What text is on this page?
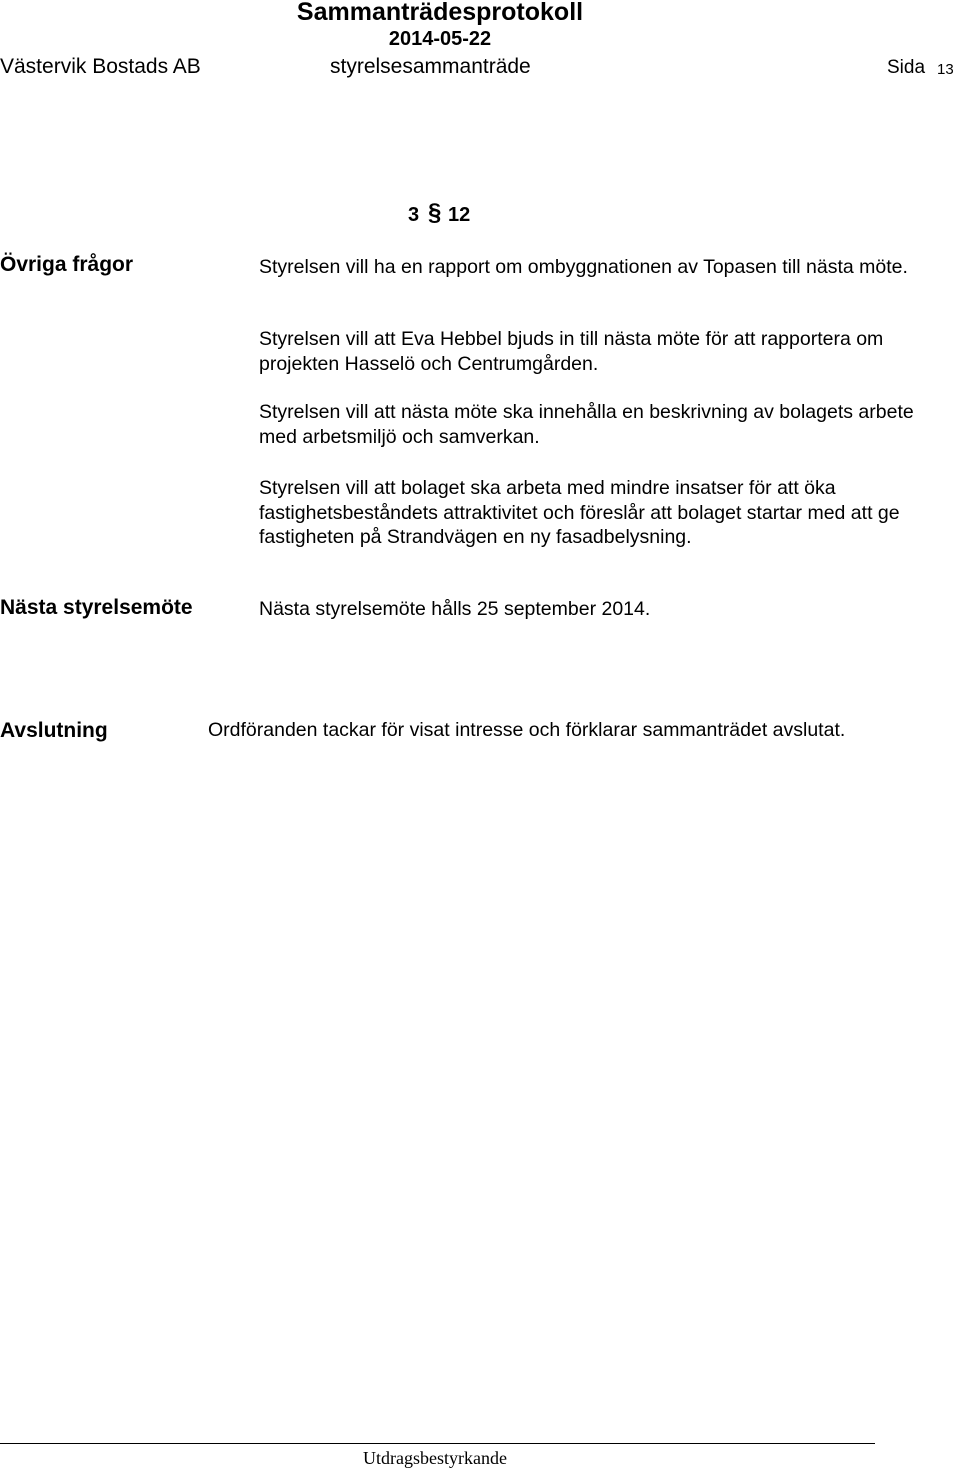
Sammanträdesprotokoll
2014-05-22
Västervik Bostads AB	styrelsesammanträde	Sida 13
3 § 12
Övriga frågor	Styrelsen vill ha en rapport om ombyggnationen av Topasen till nästa möte.
Styrelsen vill att Eva Hebbel bjuds in till nästa möte för att rapportera om projekten Hasselö och Centrumgården.
Styrelsen vill att nästa möte ska innehålla en beskrivning av bolagets arbete med arbetsmiljö och samverkan.
Styrelsen vill att bolaget ska arbeta med mindre insatser för att öka fastighetsbeståndets attraktivitet och föreslår att bolaget startar med att ge fastigheten på Strandvägen en ny fasadbelysning.
Nästa styrelsemöte	Nästa styrelsemöte hålls 25 september 2014.
Avslutning	Ordföranden tackar för visat intresse och förklarar sammanträdet avslutat.
Utdragsbestyrkande
